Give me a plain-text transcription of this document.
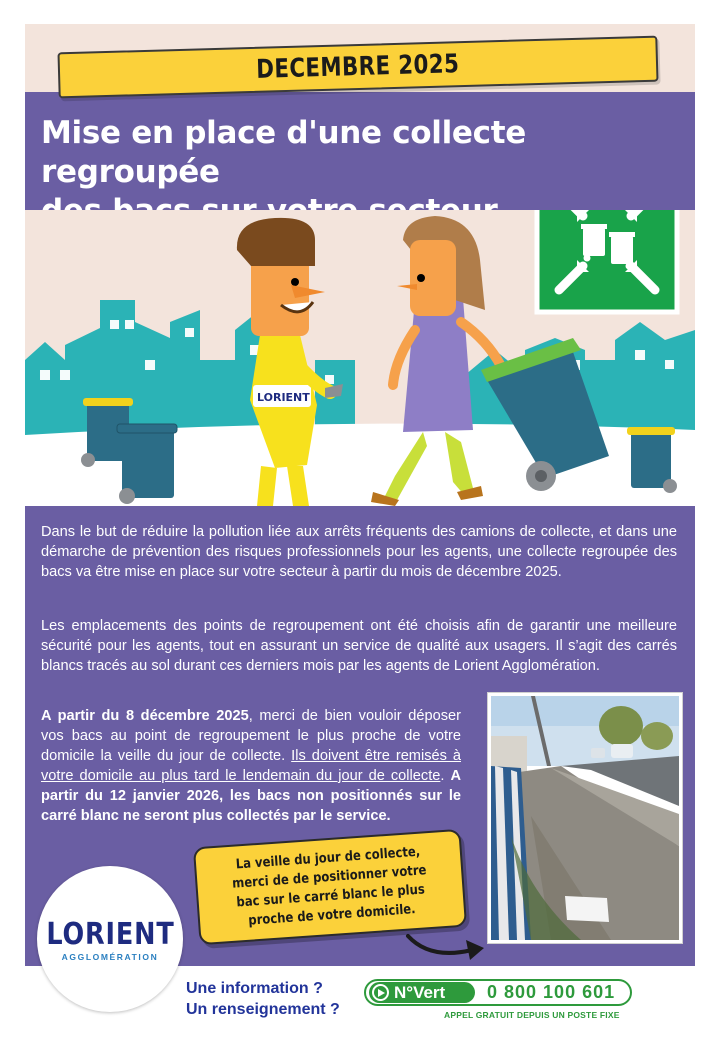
Mise en place d'une collecte regroupée

DECEMBRE 2025
LORIENT

Dans le but de réduire la pollution liée aux arrêts fréquents des camions de collecte, et dans une démarche de prévention des risques professionnels pour les agents, une collecte regroupée des bacs va être mise en place sur votre secteur à partir du mois de décembre 2025.

Les emplacements des points de regroupement ont été choisis afin de garantir une meilleure sécurité pour les agents, tout en assurant un service de qualité aux usagers. Il s’agit des carrés blancs tracés au sol durant ces derniers mois par les agents de Lorient Agglomération.

A partir du 8 décembre 2025, merci de bien vouloir déposer vos bacs au point de regroupement le plus proche de votre domicile la veille du jour de collecte. Ils doivent être remisés à votre domicile au plus tard le lendemain du jour de collecte. A partir du 12 janvier 2026, les bacs non positionnés sur le carré blanc ne seront plus collectés par le service.

La veille du jour de collecte, merci de de positionner votre bac sur le carré blanc le plus proche de votre domicile.
LORIENT
AGGLOMÉRATION
Une information ?
Un renseignement ?
N°Vert 0 800 100 601
APPEL GRATUIT DEPUIS UN POSTE FIXE
